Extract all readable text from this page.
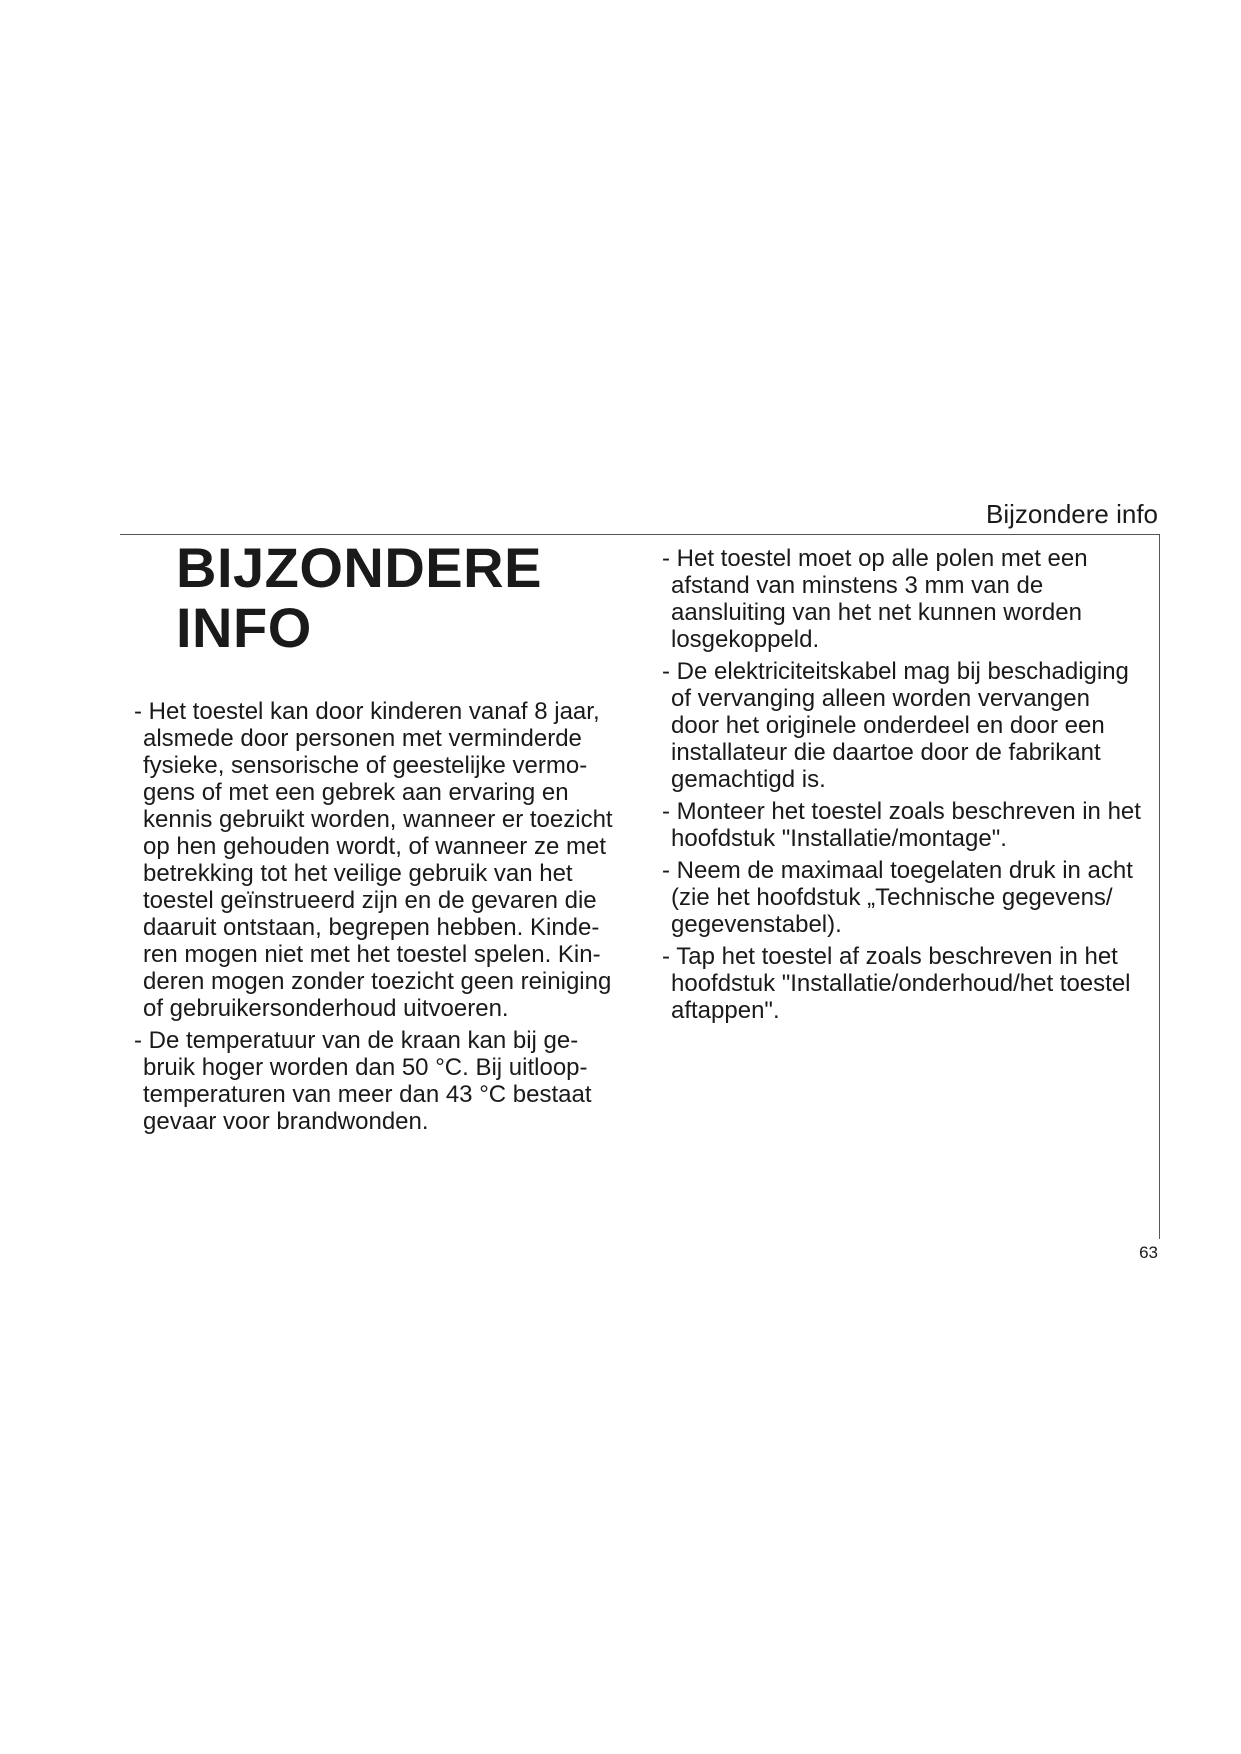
Bijzondere info
BIJZONDERE
INFO

- Het toestel kan door kinderen vanaf 8 jaar,
alsmede door personen met verminderde
fysieke, sensorische of geestelijke vermo-
gens of met een gebrek aan ervaring en
kennis gebruikt worden, wanneer er toezicht
op hen gehouden wordt, of wanneer ze met
betrekking tot het veilige gebruik van het
toestel geïnstrueerd zijn en de gevaren die
daaruit ontstaan, begrepen hebben. Kinde-
ren mogen niet met het toestel spelen. Kin-
deren mogen zonder toezicht geen reiniging
of gebruikersonderhoud uitvoeren.

- De temperatuur van de kraan kan bij ge-
bruik hoger worden dan 50 °C. Bij uitloop-
temperaturen van meer dan 43 °C bestaat
gevaar voor brandwonden.

- Het toestel moet op alle polen met een
afstand van minstens 3 mm van de
aansluiting van het net kunnen worden
losgekoppeld.

- De elektriciteitskabel mag bij beschadiging
of vervanging alleen worden vervangen
door het originele onderdeel en door een
installateur die daartoe door de fabrikant
gemachtigd is.

- Monteer het toestel zoals beschreven in het
hoofdstuk "Installatie/montage".

- Neem de maximaal toegelaten druk in acht
(zie het hoofdstuk „Technische gegevens/
gegevenstabel).

- Tap het toestel af zoals beschreven in het
hoofdstuk "Installatie/onderhoud/het toestel
aftappen".

63
